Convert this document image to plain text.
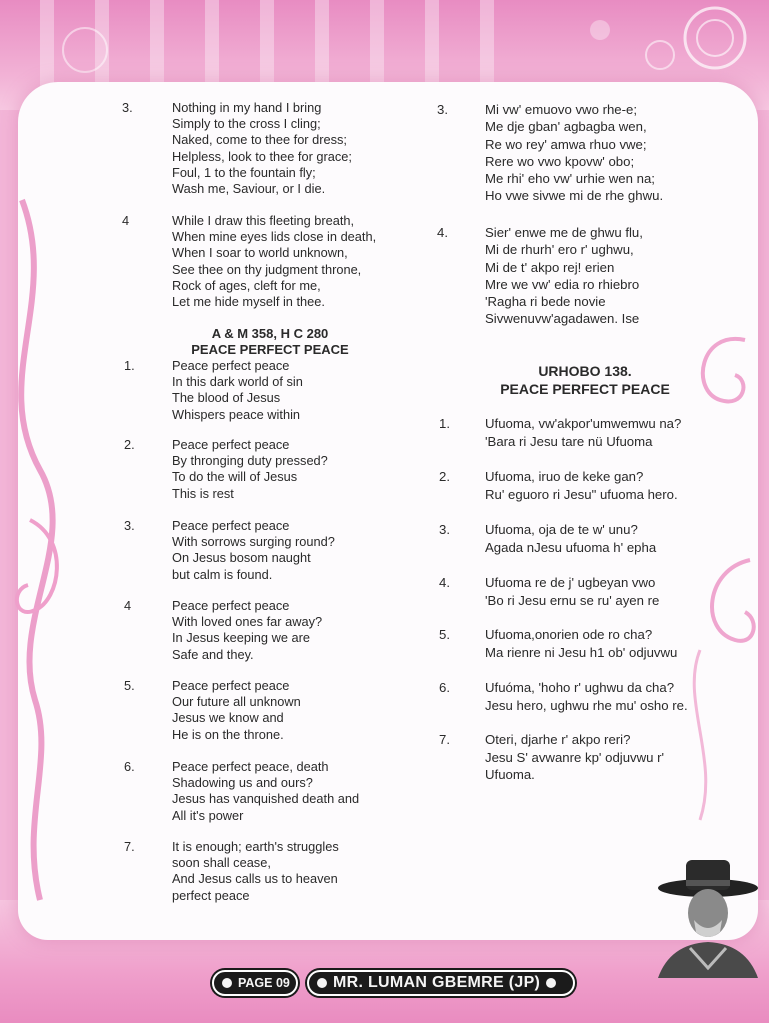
3.	Nothing in my hand I bring
Simply to the cross I cling;
Naked, come to thee for dress;
Helpless, look to thee for grace;
Foul, 1 to the fountain fly;
Wash me, Saviour, or I die.
4	While I draw this fleeting breath,
When mine eyes lids close in death,
When I soar to world unknown,
See thee on thy judgment throne,
Rock of ages, cleft for me,
Let me hide myself in thee.
A & M 358, H C 280
PEACE PERFECT PEACE
1.	Peace perfect peace
In this dark world of sin
The blood of Jesus
Whispers peace within
2.	Peace perfect peace
By thronging duty pressed?
To do the will of Jesus
This is rest
3.	Peace perfect peace
With sorrows surging round?
On Jesus bosom naught
but calm is found.
4	Peace perfect peace
With loved ones far away?
In Jesus keeping we are
Safe and they.
5.	Peace perfect peace
Our future all unknown
Jesus we know and
He is on the throne.
6.	Peace perfect peace, death
Shadowing us and ours?
Jesus has vanquished death and
All it's power
7.	It is enough; earth's struggles
soon shall cease,
And Jesus calls us to heaven
perfect peace
3.	Mi vw' emuovo vwo rhe-e;
Me dje gban' agbagba wen,
Re wo rey' amwa rhuo vwe;
Rere wo vwo kpovw' obo;
Me rhi' eho vw' urhie wen na;
Ho vwe sivwe mi de rhe ghwu.
4.	Sier' enwe me de ghwu flu,
Mi de rhurh' ero r' ughwu,
Mi de t' akpo rej! erien
Mre we vw' edia ro rhiebro
'Ragha ri bede novie
Sivwenuvw'agadawen. Ise
URHOBO 138.
PEACE PERFECT PEACE
1.	Ufuoma, vw'akpor'umwemwu na?
'Bara ri Jesu tare nü Ufuoma
2.	Ufuoma, iruo de keke gan?
Ru' eguoro ri Jesu" ufuoma hero.
3.	Ufuoma, oja de te w' unu?
Agada nJesu ufuoma h' epha
4.	Ufuoma re de j' ugbeyan vwo
'Bo ri Jesu ernu se ru' ayen re
5.	Ufuoma,onorien ode ro cha?
Ma rienre ni Jesu h1 ob' odjuvwu
6.	Ufuóma, 'hoho r' ughwu da cha?
Jesu hero, ughwu rhe mu' osho re.
7.	Oteri, djarhe r' akpo reri?
Jesu S' avwanre kp' odjuvwu r'
Ufuoma.
PAGE 09	MR. LUMAN GBEMRE (JP)
